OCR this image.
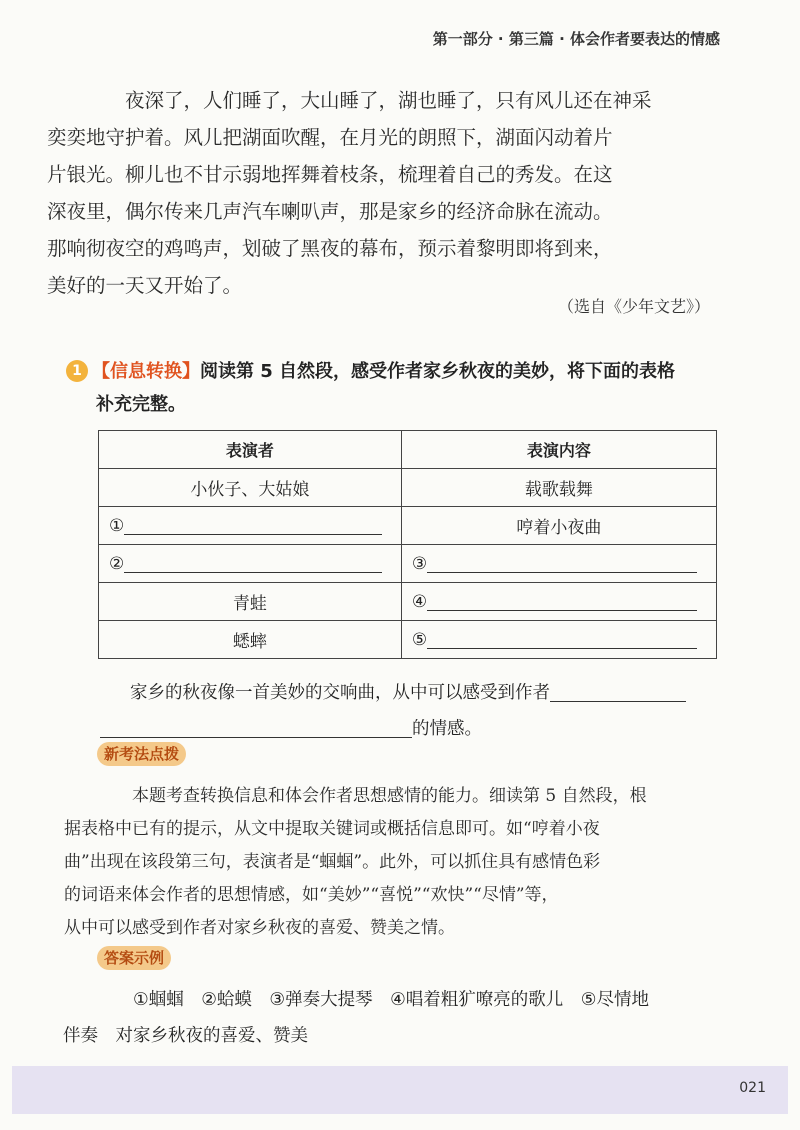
第一部分 · 第三篇 · 体会作者要表达的情感

夜深了，人们睡了，大山睡了，湖也睡了，只有风儿还在神采
奕奕地守护着。风儿把湖面吹醒，在月光的朗照下，湖面闪动着片
片银光。柳儿也不甘示弱地挥舞着枝条，梳理着自己的秀发。在这
深夜里，偶尔传来几声汽车喇叭声，那是家乡的经济命脉在流动。
那响彻夜空的鸡鸣声，划破了黑夜的幕布，预示着黎明即将到来，
美好的一天又开始了。

（选自《少年文艺》）
1 【信息转换】阅读第 5 自然段，感受作者家乡秋夜的美妙，将下面的表格
补充完整。
表演者	表演内容
小伙子、大姑娘	载歌载舞
①	哼着小夜曲
②	③
青蛙	④
蟋蟀	⑤
家乡的秋夜像一首美妙的交响曲，从中可以感受到作者
的情感。
新考法点拨

本题考查转换信息和体会作者思想感情的能力。细读第 5 自然段，根
据表格中已有的提示，从文中提取关键词或概括信息即可。如“哼着小夜
曲”出现在该段第三句，表演者是“蝈蝈”。此外，可以抓住具有感情色彩
的词语来体会作者的思想情感，如“美妙”“喜悦”“欢快”“尽情”等，
从中可以感受到作者对家乡秋夜的喜爱、赞美之情。

答案示例

①蝈蝈　②蛤蟆　③弹奏大提琴　④唱着粗犷嘹亮的歌儿　⑤尽情地
伴奏　对家乡秋夜的喜爱、赞美

021
